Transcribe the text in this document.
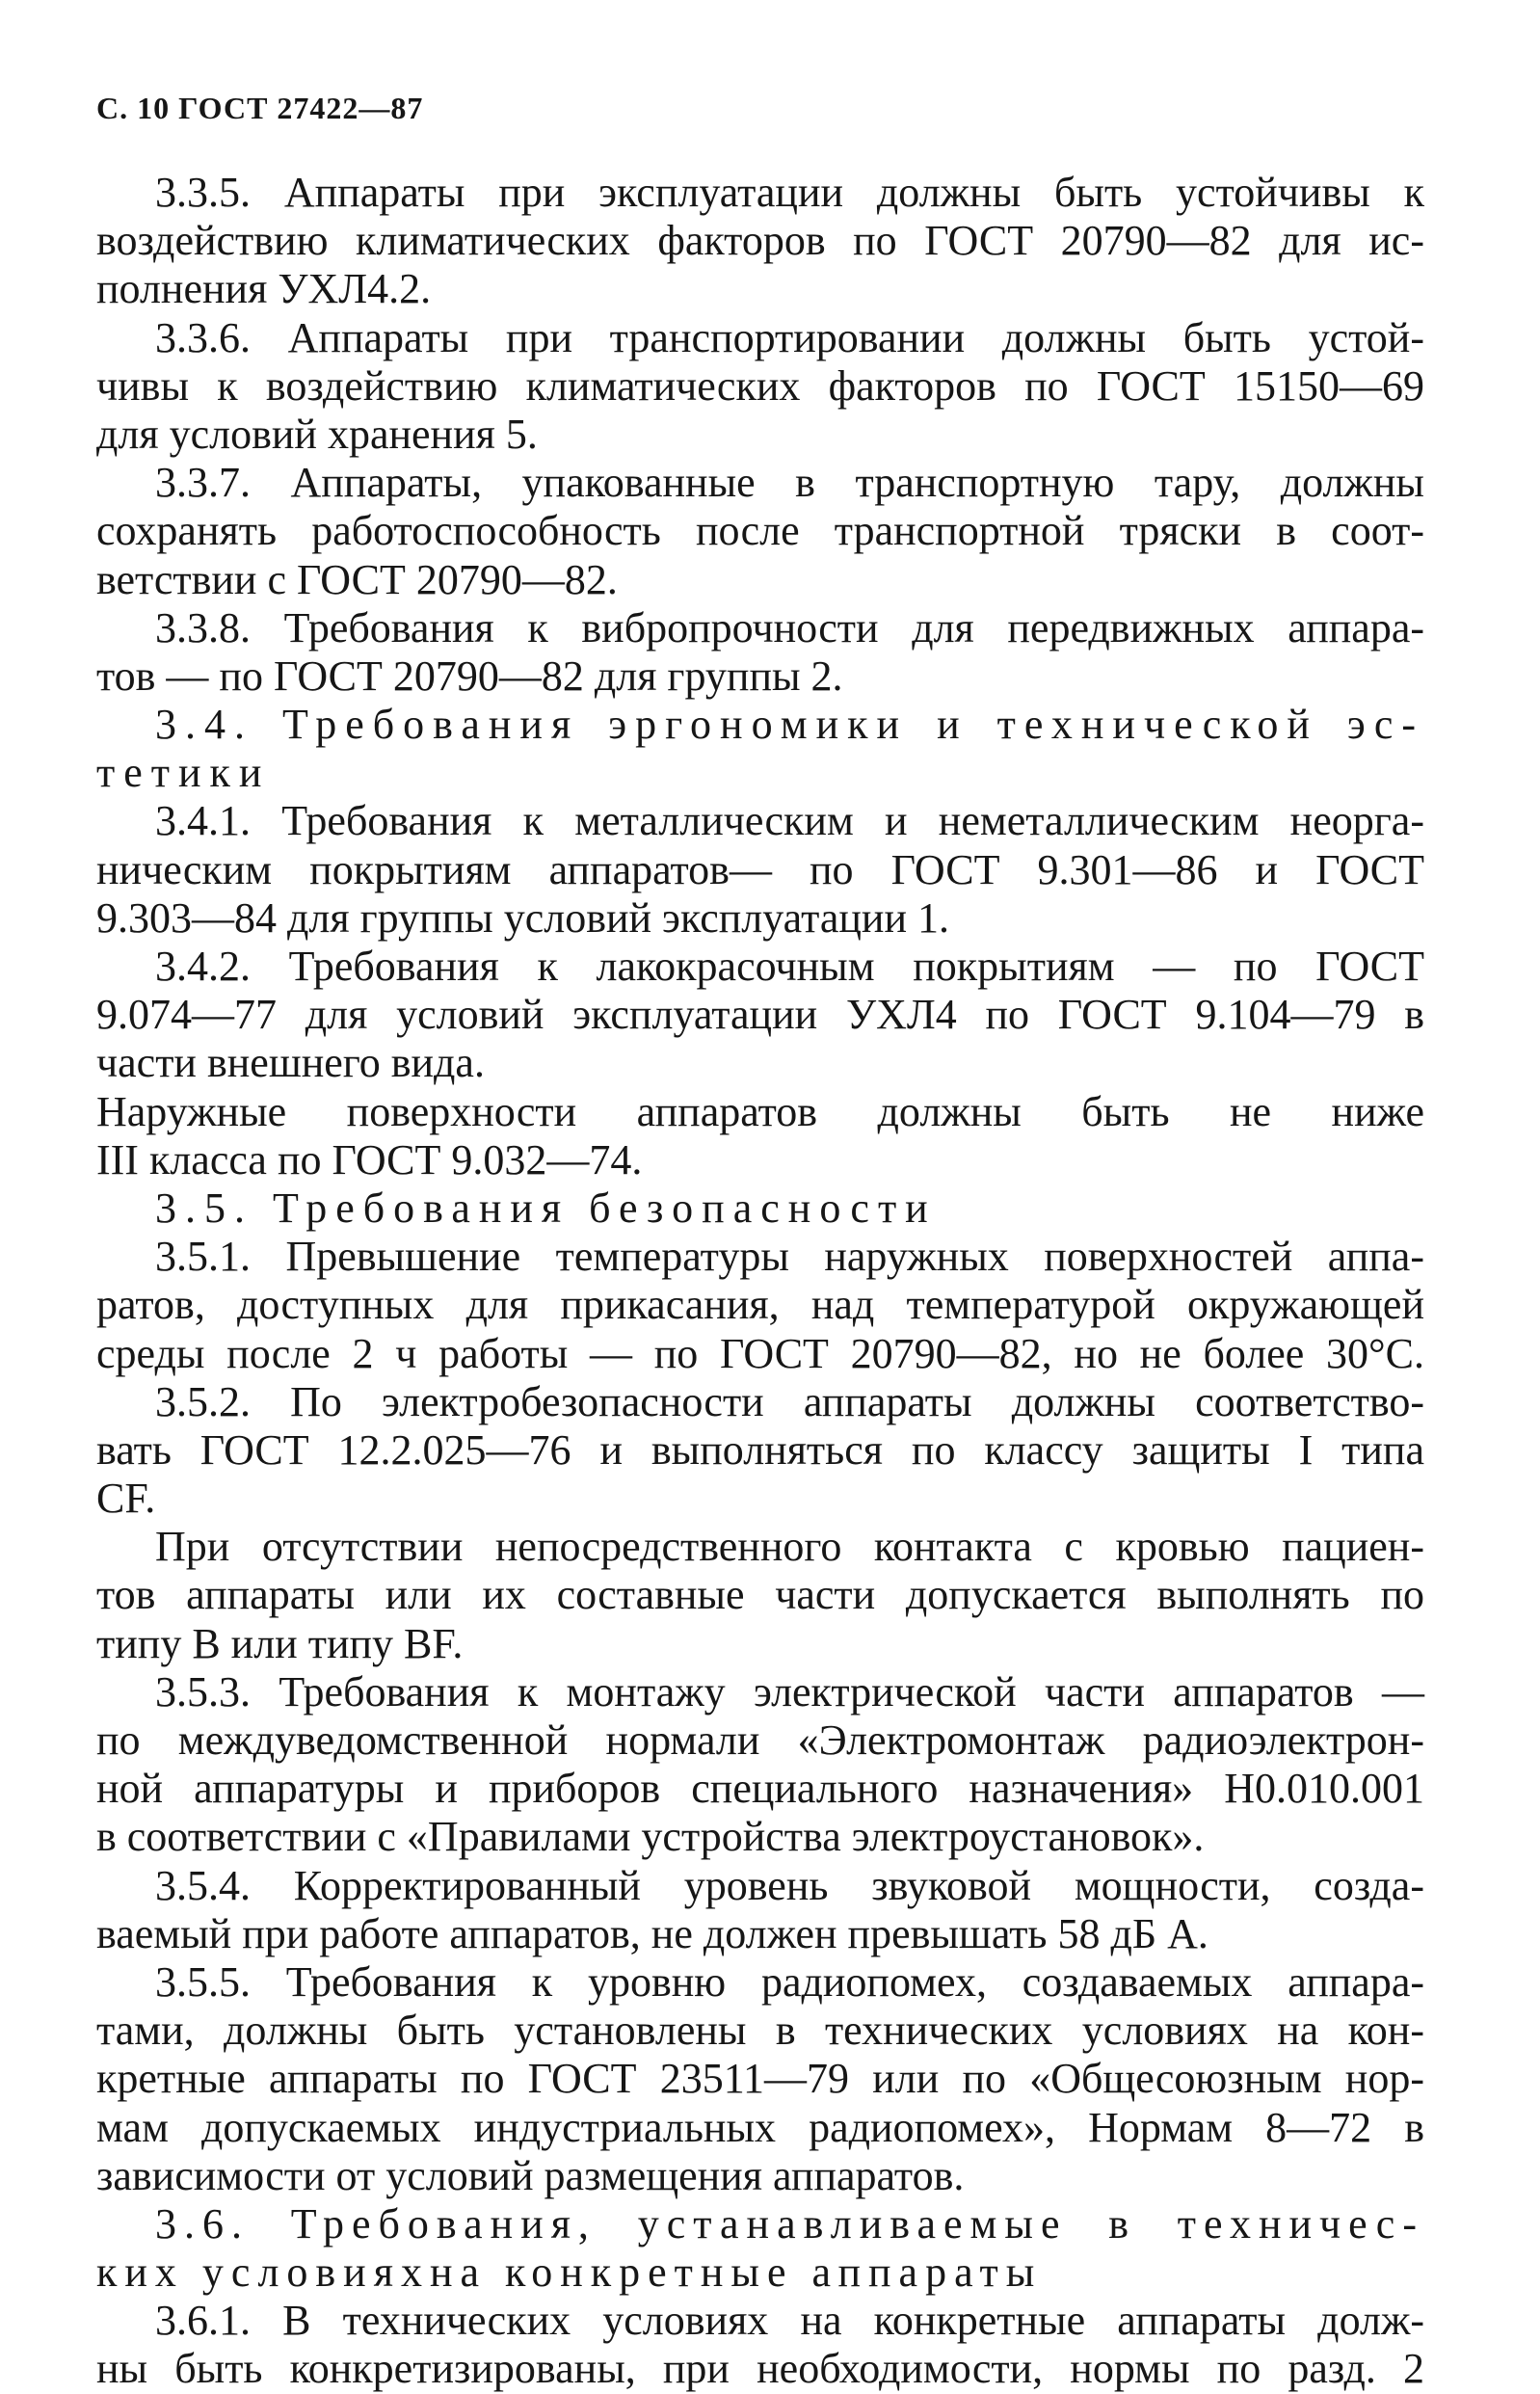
С. 10 ГОСТ 27422—87
3.3.5. Аппараты при эксплуатации должны быть устойчивы к
воздействию климатических факторов по ГОСТ 20790—82 для ис-
полнения УХЛ4.2.
3.3.6. Аппараты при транспортировании должны быть устой-
чивы к воздействию климатических факторов по ГОСТ 15150—69
для условий хранения 5.
3.3.7. Аппараты, упакованные в транспортную тару, должны
сохранять работоспособность после транспортной тряски в соот-
ветствии с ГОСТ 20790—82.
3.3.8. Требования к вибропрочности для передвижных аппара-
тов — по ГОСТ 20790—82 для группы 2.
3.4. Требования эргономики и технической эс-
тетики
3.4.1. Требования к металлическим и неметаллическим неорга-
ническим покрытиям аппаратов— по ГОСТ 9.301—86 и ГОСТ
9.303—84 для группы условий эксплуатации 1.
3.4.2. Требования к лакокрасочным покрытиям — по ГОСТ
9.074—77 для условий эксплуатации УХЛ4 по ГОСТ 9.104—79 в
части внешнего вида.
Наружные поверхности аппаратов должны быть не ниже
III класса по ГОСТ 9.032—74.
3.5. Требования безопасности
3.5.1. Превышение температуры наружных поверхностей аппа-
ратов, доступных для прикасания, над температурой окружающей
среды после 2 ч работы — по ГОСТ 20790—82, но не более 30°С.
3.5.2. По электробезопасности аппараты должны соответство-
вать ГОСТ 12.2.025—76 и выполняться по классу защиты I типа
CF.
При отсутствии непосредственного контакта с кровью пациен-
тов аппараты или их составные части допускается выполнять по
типу В или типу BF.
3.5.3. Требования к монтажу электрической части аппаратов —
по междуведомственной нормали «Электромонтаж радиоэлектрон-
ной аппаратуры и приборов специального назначения» Н0.010.001
в соответствии с «Правилами устройства электроустановок».
3.5.4. Корректированный уровень звуковой мощности, созда-
ваемый при работе аппаратов, не должен превышать 58 дБ А.
3.5.5. Требования к уровню радиопомех, создаваемых аппара-
тами, должны быть установлены в технических условиях на кон-
кретные аппараты по ГОСТ 23511—79 или по «Общесоюзным нор-
мам допускаемых индустриальных радиопомех», Нормам 8—72 в
зависимости от условий размещения аппаратов.
3.6. Требования, устанавливаемые в техничес-
ких условияхна конкретные аппараты
3.6.1. В технических условиях на конкретные аппараты долж-
ны быть конкретизированы, при необходимости, нормы по разд. 2
